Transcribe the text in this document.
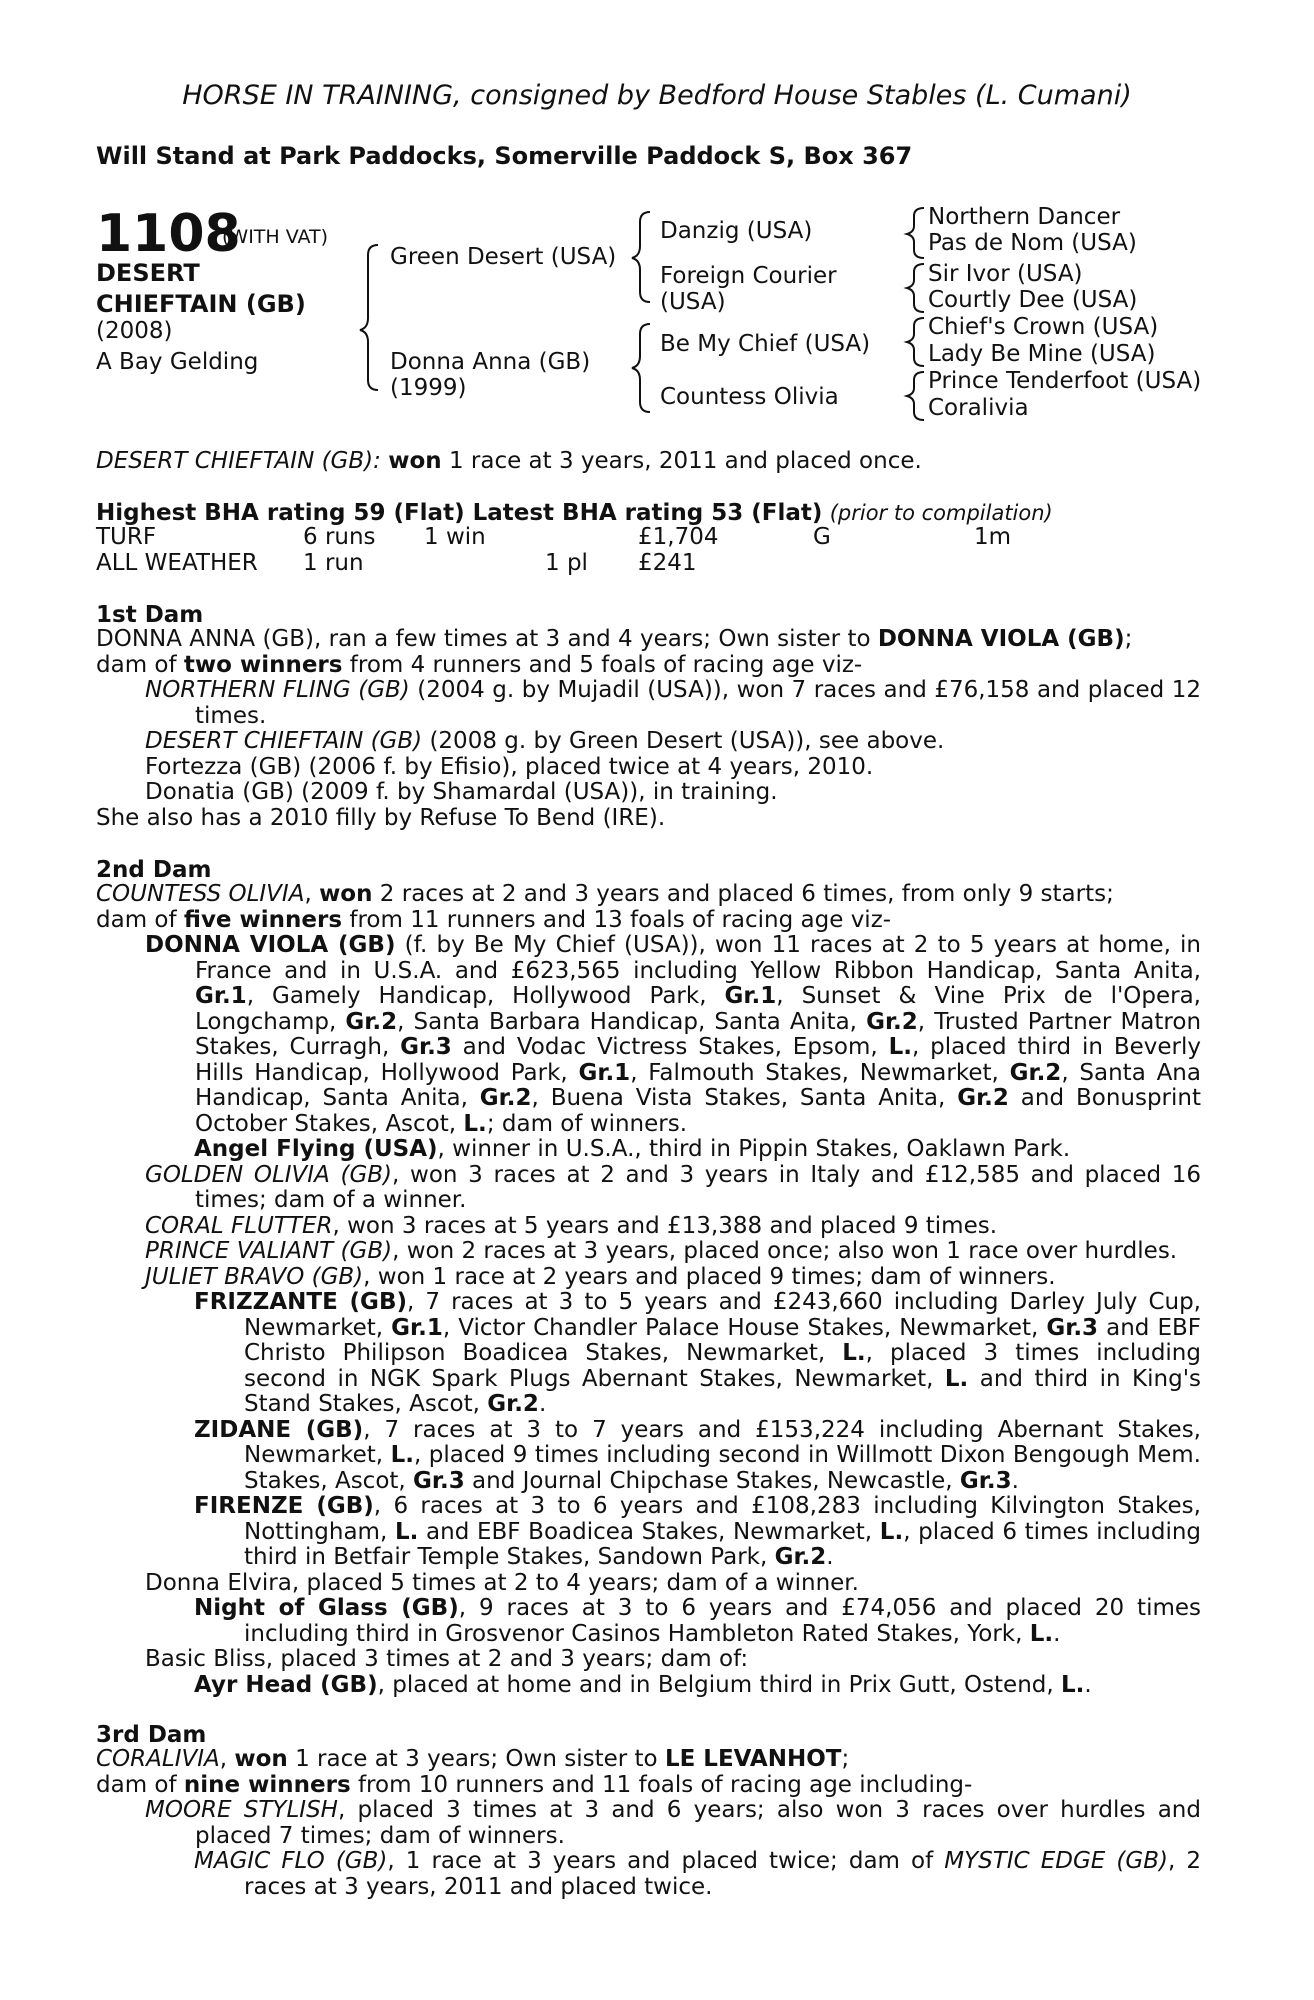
HORSE IN TRAINING, consigned by Bedford House Stables (L. Cumani)
Will Stand at Park Paddocks, Somerville Paddock S, Box 367
1108
(WITH VAT)
DESERT
CHIEFTAIN (GB)
(2008)
A Bay Gelding
Green Desert (USA)
Donna Anna (GB)
(1999)
Danzig (USA)
Foreign Courier
(USA)
Be My Chief (USA)
Countess Olivia
Northern Dancer
Pas de Nom (USA)
Sir Ivor (USA)
Courtly Dee (USA)
Chief's Crown (USA)
Lady Be Mine (USA)
Prince Tenderfoot (USA)
Coralivia
DESERT CHIEFTAIN (GB): won 1 race at 3 years, 2011 and placed once.
Highest BHA rating 59 (Flat) Latest BHA rating 53 (Flat) (prior to compilation)
TURF	6 runs 1 win	£1,704	G	1m
ALL WEATHER 1 run	1 pl £241
1st Dam

DONNA ANNA (GB), ran a few times at 3 and 4 years; Own sister to DONNA VIOLA (GB);

dam of two winners from 4 runners and 5 foals of racing age viz-

NORTHERN FLING (GB) (2004 g. by Mujadil (USA)), won 7 races and £76,158 and placed 12 times.

DESERT CHIEFTAIN (GB) (2008 g. by Green Desert (USA)), see above.

Fortezza (GB) (2006 f. by Efisio), placed twice at 4 years, 2010.

Donatia (GB) (2009 f. by Shamardal (USA)), in training.

She also has a 2010 filly by Refuse To Bend (IRE).

2nd Dam

COUNTESS OLIVIA, won 2 races at 2 and 3 years and placed 6 times, from only 9 starts;

dam of five winners from 11 runners and 13 foals of racing age viz-

DONNA VIOLA (GB) (f. by Be My Chief (USA)), won 11 races at 2 to 5 years at home, in France and in U.S.A. and £623,565 including Yellow Ribbon Handicap, Santa Anita, Gr.1, Gamely Handicap, Hollywood Park, Gr.1, Sunset & Vine Prix de l'Opera, Longchamp, Gr.2, Santa Barbara Handicap, Santa Anita, Gr.2, Trusted Partner Matron Stakes, Curragh, Gr.3 and Vodac Victress Stakes, Epsom, L., placed third in Beverly Hills Handicap, Hollywood Park, Gr.1, Falmouth Stakes, Newmarket, Gr.2, Santa Ana Handicap, Santa Anita, Gr.2, Buena Vista Stakes, Santa Anita, Gr.2 and Bonusprint October Stakes, Ascot, L.; dam of winners.

Angel Flying (USA), winner in U.S.A., third in Pippin Stakes, Oaklawn Park.

GOLDEN OLIVIA (GB), won 3 races at 2 and 3 years in Italy and £12,585 and placed 16 times; dam of a winner.

CORAL FLUTTER, won 3 races at 5 years and £13,388 and placed 9 times.

PRINCE VALIANT (GB), won 2 races at 3 years, placed once; also won 1 race over hurdles.

JULIET BRAVO (GB), won 1 race at 2 years and placed 9 times; dam of winners.

FRIZZANTE (GB), 7 races at 3 to 5 years and £243,660 including Darley July Cup, Newmarket, Gr.1, Victor Chandler Palace House Stakes, Newmarket, Gr.3 and EBF Christo Philipson Boadicea Stakes, Newmarket, L., placed 3 times including second in NGK Spark Plugs Abernant Stakes, Newmarket, L. and third in King's Stand Stakes, Ascot, Gr.2.

ZIDANE (GB), 7 races at 3 to 7 years and £153,224 including Abernant Stakes, Newmarket, L., placed 9 times including second in Willmott Dixon Bengough Mem. Stakes, Ascot, Gr.3 and Journal Chipchase Stakes, Newcastle, Gr.3.

FIRENZE (GB), 6 races at 3 to 6 years and £108,283 including Kilvington Stakes, Nottingham, L. and EBF Boadicea Stakes, Newmarket, L., placed 6 times including third in Betfair Temple Stakes, Sandown Park, Gr.2.

Donna Elvira, placed 5 times at 2 to 4 years; dam of a winner.

Night of Glass (GB), 9 races at 3 to 6 years and £74,056 and placed 20 times including third in Grosvenor Casinos Hambleton Rated Stakes, York, L..

Basic Bliss, placed 3 times at 2 and 3 years; dam of:

Ayr Head (GB), placed at home and in Belgium third in Prix Gutt, Ostend, L..

3rd Dam

CORALIVIA, won 1 race at 3 years; Own sister to LE LEVANHOT;

dam of nine winners from 10 runners and 11 foals of racing age including-

MOORE STYLISH, placed 3 times at 3 and 6 years; also won 3 races over hurdles and placed 7 times; dam of winners.

MAGIC FLO (GB), 1 race at 3 years and placed twice; dam of MYSTIC EDGE (GB), 2 races at 3 years, 2011 and placed twice.
